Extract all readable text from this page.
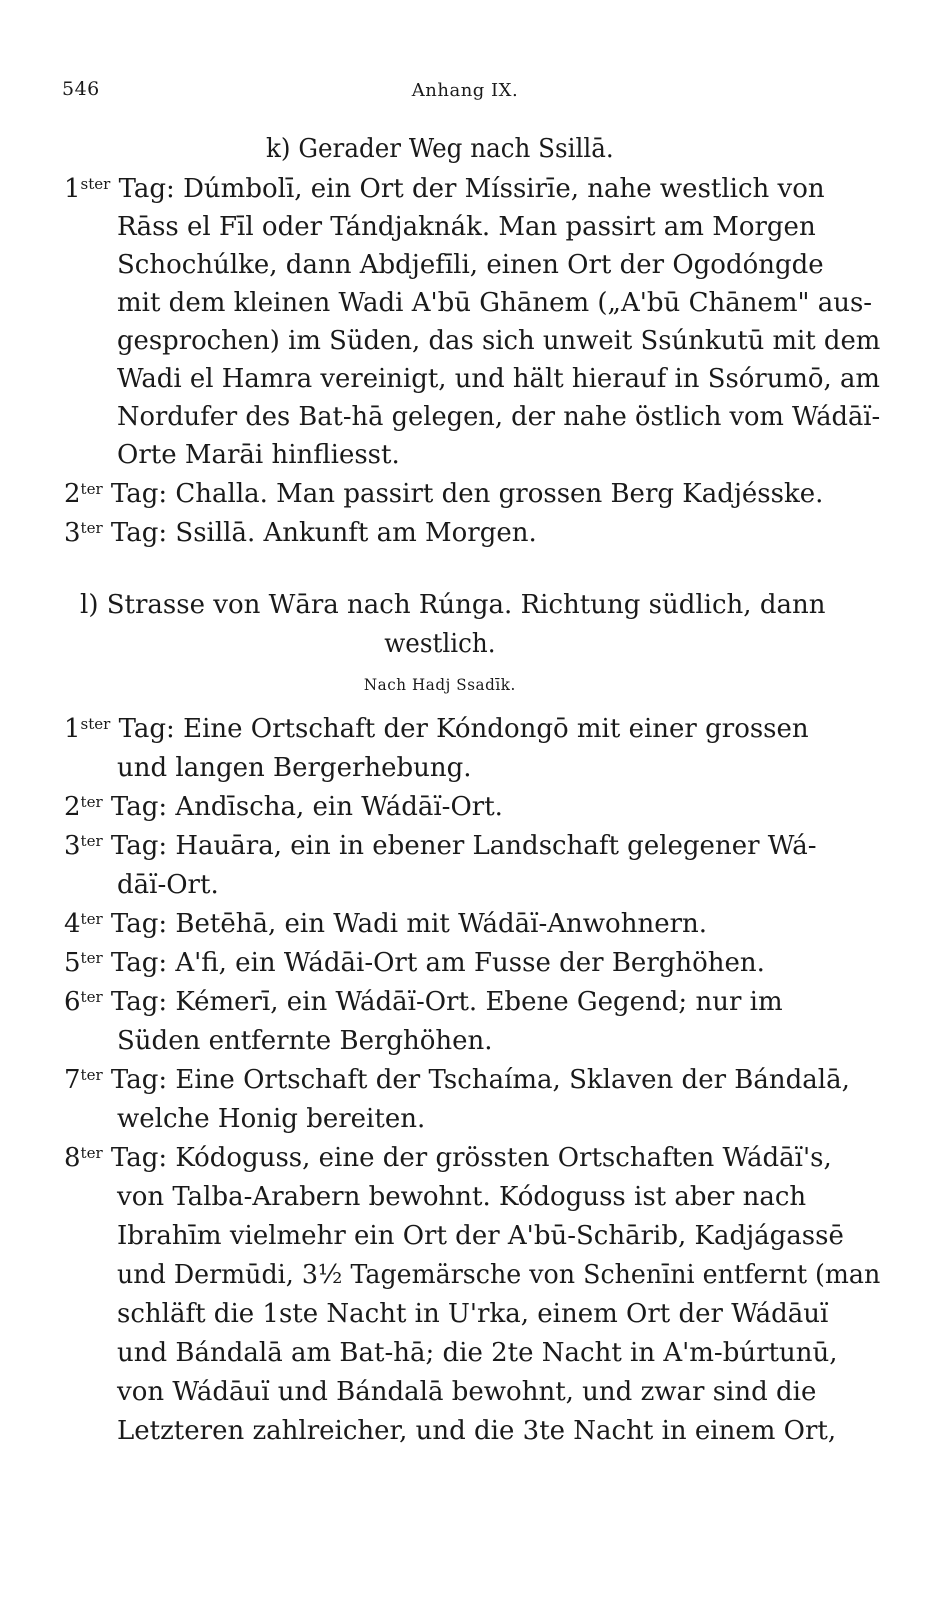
546	Anhang IX.
k) Gerader Weg nach Ssillā.
$1^{ster}$ Tag: Dúmbolī, ein Ort der Míssirīe, nahe westlich von
Rāss el Fīl oder Tándjaknák. Man passirt am Morgen
Schochúlke, dann Abdjefīli, einen Ort der Ogodóngde
mit dem kleinen Wadi A'bū Ghānem („A'bū Chānem" aus-
gesprochen) im Süden, das sich unweit Ssúnkutū mit dem
Wadi el Hamra vereinigt, und hält hierauf in Ssórumō, am
Nordufer des Bat-hā gelegen, der nahe östlich vom Wádāï-
Orte Marāi hinfliesst.
$2^{ter}$ Tag: Challa. Man passirt den grossen Berg Kadjésske.
$3^{ter}$ Tag: Ssillā. Ankunft am Morgen.
l) Strasse von Wāra nach Rúnga. Richtung südlich, dann
westlich.
Nach Hadj Ssadīk.
$1^{ster}$ Tag: Eine Ortschaft der Kóndongō mit einer grossen
und langen Bergerhebung.
$2^{ter}$ Tag: Andīscha, ein Wádāï-Ort.
$3^{ter}$ Tag: Hauāra, ein in ebener Landschaft gelegener Wá-
dāï-Ort.
$4^{ter}$ Tag: Betēhā, ein Wadi mit Wádāï-Anwohnern.
$5^{ter}$ Tag: A'fi, ein Wádāi-Ort am Fusse der Berghöhen.
$6^{ter}$ Tag: Kémerī, ein Wádāï-Ort. Ebene Gegend; nur im
Süden entfernte Berghöhen.
$7^{ter}$ Tag: Eine Ortschaft der Tschaíma, Sklaven der Bándalā,
welche Honig bereiten.
$8^{ter}$ Tag: Kódoguss, eine der grössten Ortschaften Wádāï's,
von Talba-Arabern bewohnt. Kódoguss ist aber nach
Ibrahīm vielmehr ein Ort der A'bū-Schārib, Kadjágassē
und Dermūdi, 3½ Tagemärsche von Schenīni entfernt (man
schläft die 1ste Nacht in U'rka, einem Ort der Wádāuï
und Bándalā am Bat-hā; die 2te Nacht in A'm-búrtunū,
von Wádāuï und Bándalā bewohnt, und zwar sind die
Letzteren zahlreicher, und die 3te Nacht in einem Ort,
